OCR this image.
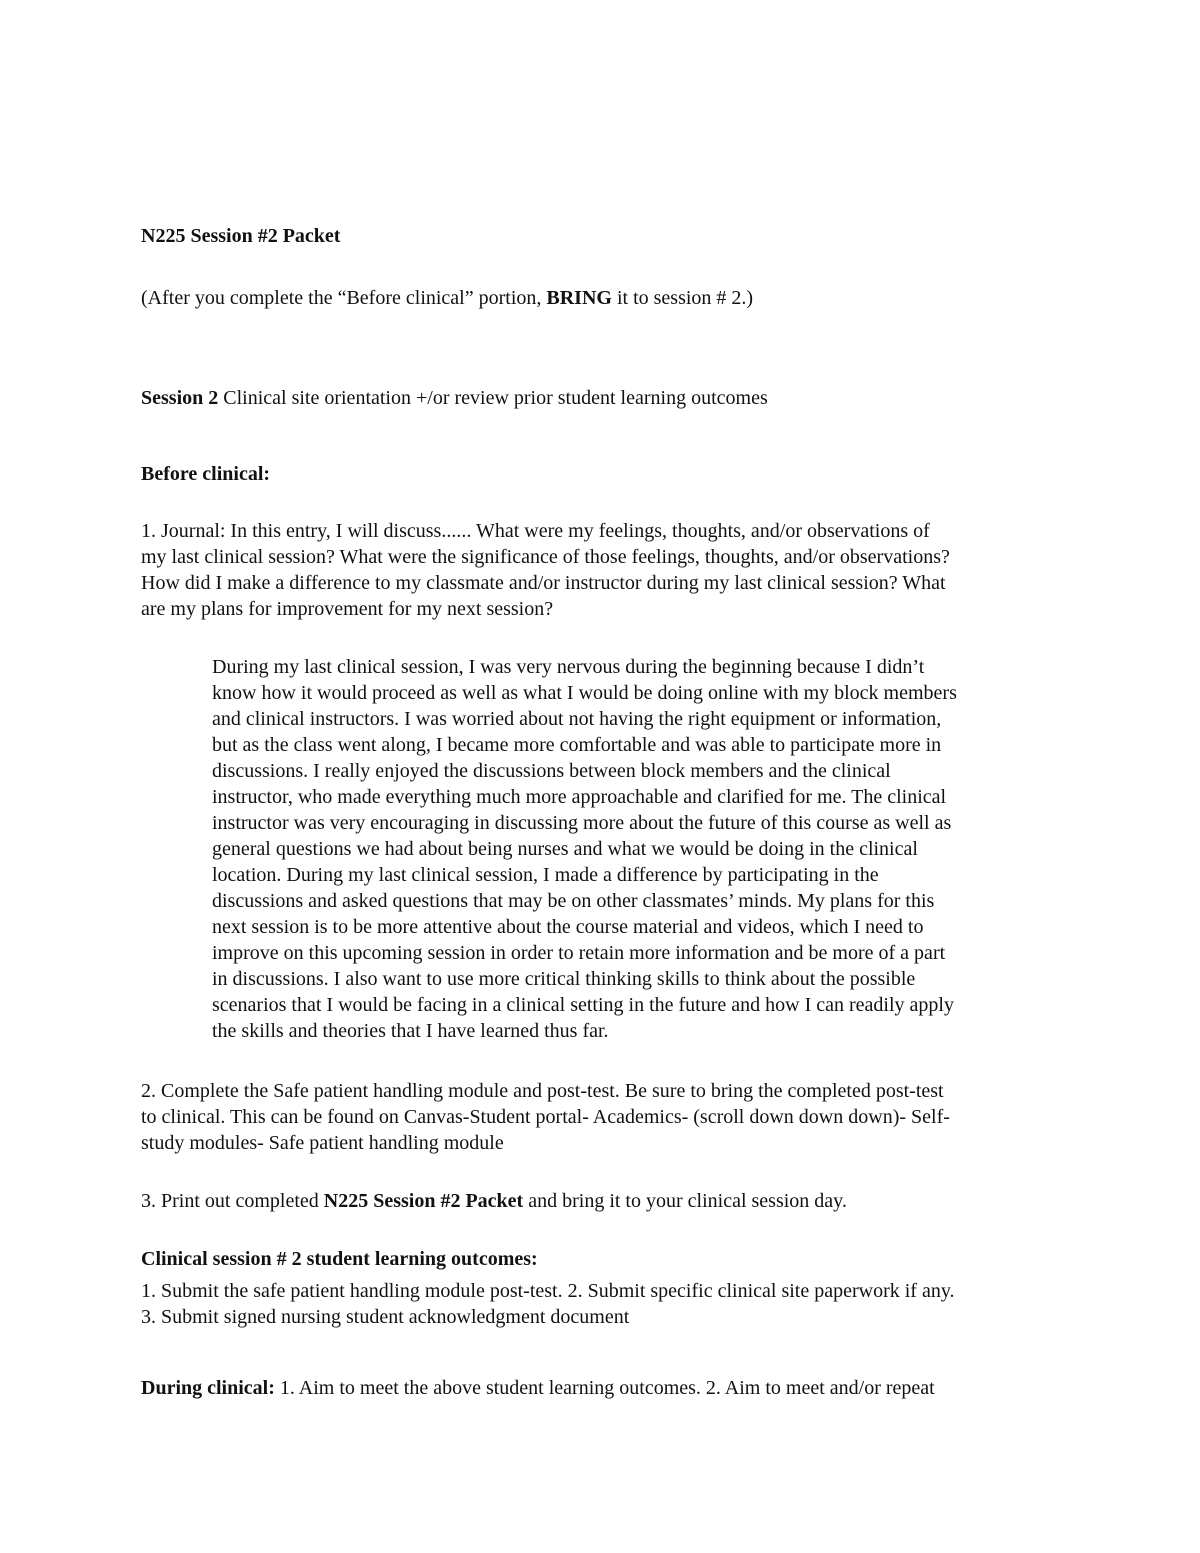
N225 Session #2 Packet
(After you complete the “Before clinical” portion, BRING it to session # 2.)
Session 2 Clinical site orientation +/or review prior student learning outcomes
Before clinical:
1. Journal: In this entry, I will discuss...... What were my feelings, thoughts, and/or observations of
my last clinical session? What were the significance of those feelings, thoughts, and/or observations?
How did I make a difference to my classmate and/or instructor during my last clinical session? What
are my plans for improvement for my next session?
During my last clinical session, I was very nervous during the beginning because I didn’t
know how it would proceed as well as what I would be doing online with my block members
and clinical instructors. I was worried about not having the right equipment or information,
but as the class went along, I became more comfortable and was able to participate more in
discussions. I really enjoyed the discussions between block members and the clinical
instructor, who made everything much more approachable and clarified for me. The clinical
instructor was very encouraging in discussing more about the future of this course as well as
general questions we had about being nurses and what we would be doing in the clinical
location. During my last clinical session, I made a difference by participating in the
discussions and asked questions that may be on other classmates’ minds. My plans for this
next session is to be more attentive about the course material and videos, which I need to
improve on this upcoming session in order to retain more information and be more of a part
in discussions. I also want to use more critical thinking skills to think about the possible
scenarios that I would be facing in a clinical setting in the future and how I can readily apply
the skills and theories that I have learned thus far.
2. Complete the Safe patient handling module and post-test. Be sure to bring the completed post-test
to clinical. This can be found on Canvas-Student portal- Academics- (scroll down down down)- Self-
study modules- Safe patient handling module
3. Print out completed N225 Session #2 Packet and bring it to your clinical session day.
Clinical session # 2 student learning outcomes:
1. Submit the safe patient handling module post-test. 2. Submit specific clinical site paperwork if any.
3. Submit signed nursing student acknowledgment document
During clinical: 1. Aim to meet the above student learning outcomes. 2. Aim to meet and/or repeat
